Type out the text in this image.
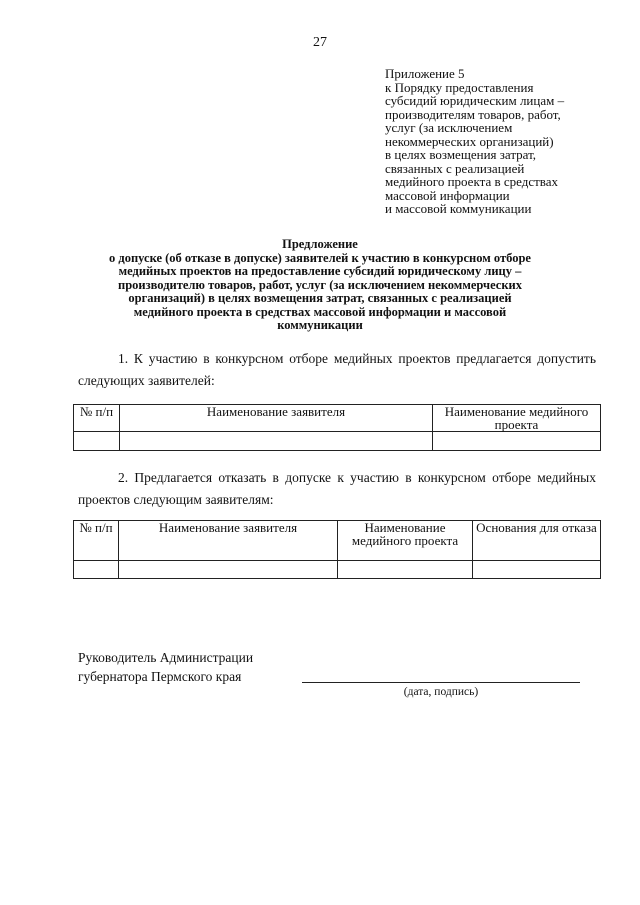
27
Приложение 5
к Порядку предоставления
субсидий юридическим лицам –
производителям товаров, работ,
услуг (за исключением
некоммерческих организаций)
в целях возмещения затрат,
связанных с реализацией
медийного проекта в средствах
массовой информации
и массовой коммуникации
Предложение
о допуске (об отказе в допуске) заявителей к участию в конкурсном отборе
медийных проектов на предоставление субсидий юридическому лицу –
производителю товаров, работ, услуг (за исключением некоммерческих
организаций) в целях возмещения затрат, связанных с реализацией
медийного проекта в средствах массовой информации и массовой
коммуникации
1. К участию в конкурсном отборе медийных проектов предлагается допустить следующих заявителей:
№ п/п	Наименование заявителя	Наименование медийного проекта

2. Предлагается отказать в допуске к участию в конкурсном отборе медийных проектов следующим заявителям:
№ п/п	Наименование заявителя	Наименование медийного проекта	Основания для отказа

Руководитель Администрации
губернатора Пермского края
(дата, подпись)
